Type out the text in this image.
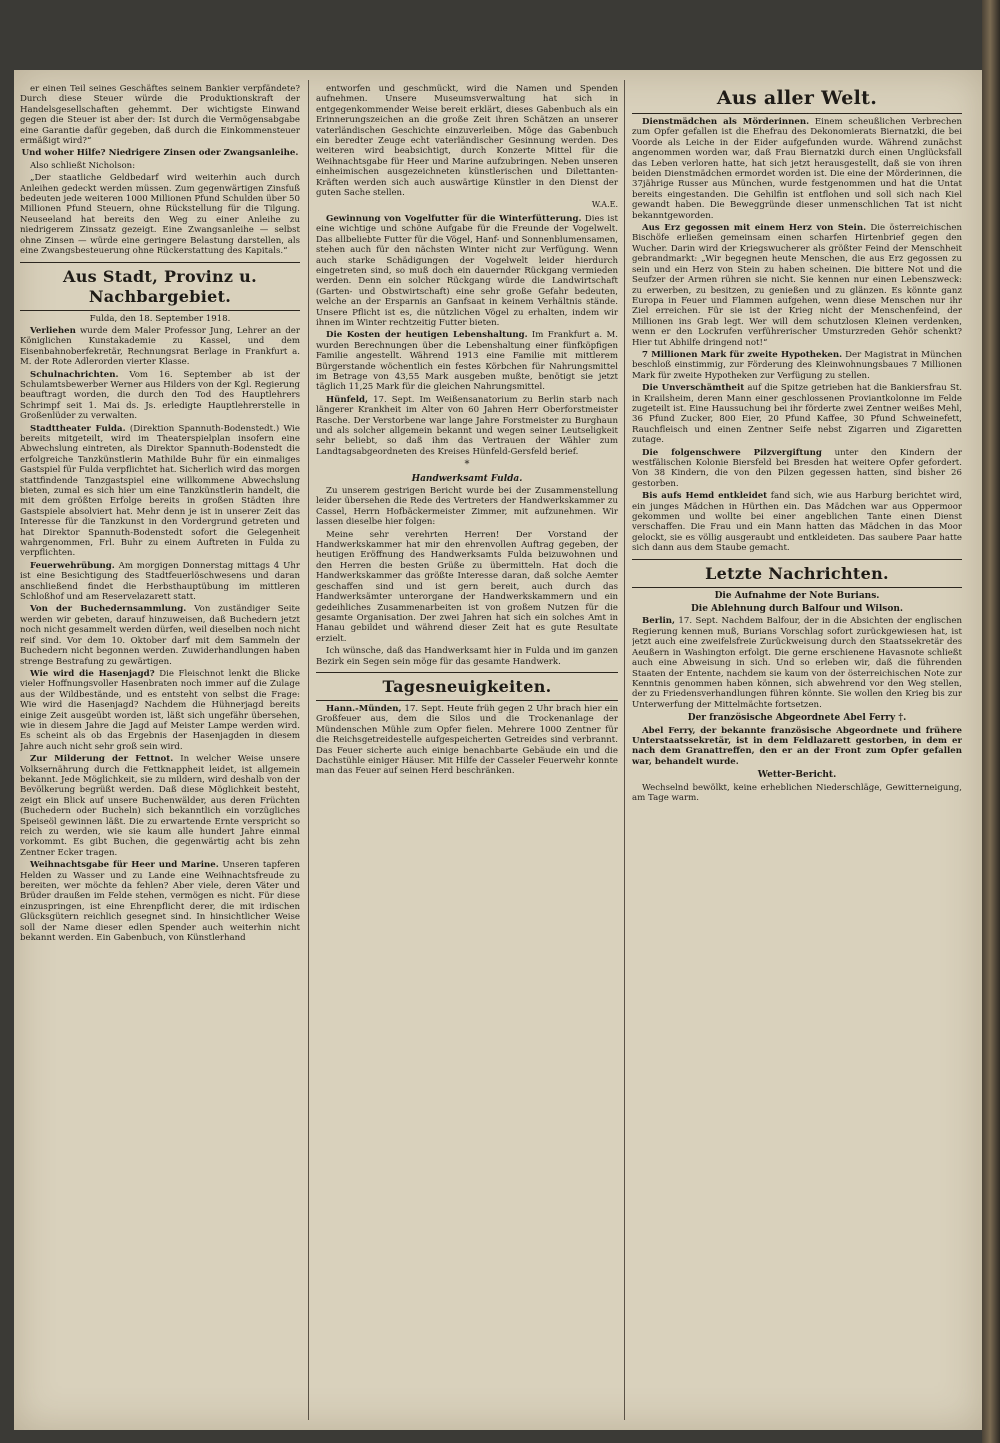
er einen Teil seines Geschäftes seinem Bankier verpfändete? Durch diese Steuer würde die Produktionskraft der Handelsgesellschaften gehemmt. Der wichtigste Einwand gegen die Steuer ist aber der: Ist durch die Vermögensabgabe eine Garantie dafür gegeben, daß durch die Einkommensteuer ermäßigt wird?“

Und woher Hilfe? Niedrigere Zinsen oder Zwangsanleihe.

Also schließt Nicholson:

„Der staatliche Geldbedarf wird weiterhin auch durch Anleihen gedeckt werden müssen. Zum gegenwärtigen Zinsfuß bedeuten jede weiteren 1000 Millionen Pfund Schulden über 50 Millionen Pfund Steuern, ohne Rückstellung für die Tilgung. Neuseeland hat bereits den Weg zu einer Anleihe zu niedrigerem Zinssatz gezeigt. Eine Zwangsanleihe — selbst ohne Zinsen — würde eine geringere Belastung darstellen, als eine Zwangsbesteuerung ohne Rückerstattung des Kapitals.“

Aus Stadt, Provinz u. Nachbargebiet.

Fulda, den 18. September 1918.

Verliehen wurde dem Maler Professor Jung, Lehrer an der Königlichen Kunstakademie zu Kassel, und dem Eisenbahnoberfekretär, Rechnungsrat Berlage in Frankfurt a. M. der Rote Adlerorden vierter Klasse.

Schulnachrichten. Vom 16. September ab ist der Schulamtsbewerber Werner aus Hilders von der Kgl. Regierung beauftragt worden, die durch den Tod des Hauptlehrers Schrimpf seit 1. Mai ds. Js. erledigte Hauptlehrerstelle in Großenlüder zu verwalten.

Stadttheater Fulda. (Direktion Spannuth-Bodenstedt.) Wie bereits mitgeteilt, wird im Theaterspielplan insofern eine Abwechslung eintreten, als Direktor Spannuth-Bodenstedt die erfolgreiche Tanzkünstlerin Mathilde Buhr für ein einmaliges Gastspiel für Fulda verpflichtet hat. Sicherlich wird das morgen stattfindende Tanzgastspiel eine willkommene Abwechslung bieten, zumal es sich hier um eine Tanzkünstlerin handelt, die mit dem größten Erfolge bereits in großen Städten ihre Gastspiele absolviert hat. Mehr denn je ist in unserer Zeit das Interesse für die Tanzkunst in den Vordergrund getreten und hat Direktor Spannuth-Bodenstedt sofort die Gelegenheit wahrgenommen, Frl. Buhr zu einem Auftreten in Fulda zu verpflichten.

Feuerwehrübung. Am morgigen Donnerstag mittags 4 Uhr ist eine Besichtigung des Stadtfeuerlöschwesens und daran anschließend findet die Herbsthauptübung im mittleren Schloßhof und am Reservelazarett statt.

Von der Buchedernsammlung. Von zuständiger Seite werden wir gebeten, darauf hinzuweisen, daß Buchedern jetzt noch nicht gesammelt werden dürfen, weil dieselben noch nicht reif sind. Vor dem 10. Oktober darf mit dem Sammeln der Buchedern nicht begonnen werden. Zuwiderhandlungen haben strenge Bestrafung zu gewärtigen.

Wie wird die Hasenjagd? Die Fleischnot lenkt die Blicke vieler Hoffnungsvoller Hasenbraten noch immer auf die Zulage aus der Wildbestände, und es entsteht von selbst die Frage: Wie wird die Hasenjagd? Nachdem die Hühnerjagd bereits einige Zeit ausgeübt worden ist, läßt sich ungefähr übersehen, wie in diesem Jahre die Jagd auf Meister Lampe werden wird. Es scheint als ob das Ergebnis der Hasenjagden in diesem Jahre auch nicht sehr groß sein wird.

Zur Milderung der Fettnot. In welcher Weise unsere Volksernährung durch die Fettknappheit leidet, ist allgemein bekannt. Jede Möglichkeit, sie zu mildern, wird deshalb von der Bevölkerung begrüßt werden. Daß diese Möglichkeit besteht, zeigt ein Blick auf unsere Buchenwälder, aus deren Früchten (Buchedern oder Bucheln) sich bekanntlich ein vorzügliches Speiseöl gewinnen läßt. Die zu erwartende Ernte verspricht so reich zu werden, wie sie kaum alle hundert Jahre einmal vorkommt. Es gibt Buchen, die gegenwärtig acht bis zehn Zentner Ecker tragen.

Weihnachtsgabe für Heer und Marine. Unseren tapferen Helden zu Wasser und zu Lande eine Weihnachtsfreude zu bereiten, wer möchte da fehlen? Aber viele, deren Väter und Brüder draußen im Felde stehen, vermögen es nicht. Für diese einzuspringen, ist eine Ehrenpflicht derer, die mit irdischen Glücksgütern reichlich gesegnet sind. In hinsichtlicher Weise soll der Name dieser edlen Spender auch weiterhin nicht bekannt werden. Ein Gabenbuch, von Künstlerhand

entworfen und geschmückt, wird die Namen und Spenden aufnehmen. Unsere Museumsverwaltung hat sich in entgegenkommender Weise bereit erklärt, dieses Gabenbuch als ein Erinnerungszeichen an die große Zeit ihren Schätzen an unserer vaterländischen Geschichte einzuverleiben. Möge das Gabenbuch ein beredter Zeuge echt vaterländischer Gesinnung werden. Des weiteren wird beabsichtigt, durch Konzerte Mittel für die Weihnachtsgabe für Heer und Marine aufzubringen. Neben unseren einheimischen ausgezeichneten künstlerischen und Dilettanten-Kräften werden sich auch auswärtige Künstler in den Dienst der guten Sache stellen.

W.A.E.

Gewinnung von Vogelfutter für die Winterfütterung. Dies ist eine wichtige und schöne Aufgabe für die Freunde der Vogelwelt. Das allbeliebte Futter für die Vögel, Hanf- und Sonnenblumensamen, stehen auch für den nächsten Winter nicht zur Verfügung. Wenn auch starke Schädigungen der Vogelwelt leider hierdurch eingetreten sind, so muß doch ein dauernder Rückgang vermieden werden. Denn ein solcher Rückgang würde die Landwirtschaft (Garten- und Obstwirtschaft) eine sehr große Gefahr bedeuten, welche an der Ersparnis an Ganfsaat in keinem Verhältnis stände. Unsere Pflicht ist es, die nützlichen Vögel zu erhalten, indem wir ihnen im Winter rechtzeitig Futter bieten.

Die Kosten der heutigen Lebenshaltung. Im Frankfurt a. M. wurden Berechnungen über die Lebenshaltung einer fünfköpfigen Familie angestellt. Während 1913 eine Familie mit mittlerem Bürgerstande wöchentlich ein festes Körbchen für Nahrungsmittel im Betrage von 43,55 Mark ausgeben mußte, benötigt sie jetzt täglich 11,25 Mark für die gleichen Nahrungsmittel.

Hünfeld, 17. Sept. Im Weißensanatorium zu Berlin starb nach längerer Krankheit im Alter von 60 Jahren Herr Oberforstmeister Rasche. Der Verstorbene war lange Jahre Forstmeister zu Burghaun und als solcher allgemein bekannt und wegen seiner Leutseligkeit sehr beliebt, so daß ihm das Vertrauen der Wähler zum Landtagsabgeordneten des Kreises Hünfeld-Gersfeld berief.

*
Handwerksamt Fulda.

Zu unserem gestrigen Bericht wurde bei der Zusammenstellung leider übersehen die Rede des Vertreters der Handwerkskammer zu Cassel, Herrn Hofbäckermeister Zimmer, mit aufzunehmen. Wir lassen dieselbe hier folgen:

Meine sehr verehrten Herren! Der Vorstand der Handwerkskammer hat mir den ehrenvollen Auftrag gegeben, der heutigen Eröffnung des Handwerksamts Fulda beizuwohnen und den Herren die besten Grüße zu übermitteln. Hat doch die Handwerkskammer das größte Interesse daran, daß solche Aemter geschaffen sind und ist gern bereit, auch durch das Handwerksämter unterorgane der Handwerkskammern und ein gedeihliches Zusammenarbeiten ist von großem Nutzen für die gesamte Organisation. Der zwei Jahren hat sich ein solches Amt in Hanau gebildet und während dieser Zeit hat es gute Resultate erzielt.

Ich wünsche, daß das Handwerksamt hier in Fulda und im ganzen Bezirk ein Segen sein möge für das gesamte Handwerk.

Tagesneuigkeiten.

Hann.-Münden, 17. Sept. Heute früh gegen 2 Uhr brach hier ein Großfeuer aus, dem die Silos und die Trockenanlage der Mündenschen Mühle zum Opfer fielen. Mehrere 1000 Zentner für die Reichsgetreidestelle aufgespeicherten Getreides sind verbrannt. Das Feuer sicherte auch einige benachbarte Gebäude ein und die Dachstühle einiger Häuser. Mit Hilfe der Casseler Feuerwehr konnte man das Feuer auf seinen Herd beschränken.

Aus aller Welt.

Dienstmädchen als Mörderinnen. Einem scheußlichen Verbrechen zum Opfer gefallen ist die Ehefrau des Dekonomierats Biernatzki, die bei Voorde als Leiche in der Eider aufgefunden wurde. Während zunächst angenommen worden war, daß Frau Biernatzki durch einen Unglücksfall das Leben verloren hatte, hat sich jetzt herausgestellt, daß sie von ihren beiden Dienstmädchen ermordet worden ist. Die eine der Mörderinnen, die 37jährige Russer aus München, wurde festgenommen und hat die Untat bereits eingestanden. Die Gehilfin ist entflohen und soll sich nach Kiel gewandt haben. Die Beweggründe dieser unmenschlichen Tat ist nicht bekanntgeworden.

Aus Erz gegossen mit einem Herz von Stein. Die österreichischen Bischöfe erließen gemeinsam einen scharfen Hirtenbrief gegen den Wucher. Darin wird der Kriegswucherer als größter Feind der Menschheit gebrandmarkt: „Wir begegnen heute Menschen, die aus Erz gegossen zu sein und ein Herz von Stein zu haben scheinen. Die bittere Not und die Seufzer der Armen rühren sie nicht. Sie kennen nur einen Lebenszweck: zu erwerben, zu besitzen, zu genießen und zu glänzen. Es könnte ganz Europa in Feuer und Flammen aufgehen, wenn diese Menschen nur ihr Ziel erreichen. Für sie ist der Krieg nicht der Menschenfeind, der Millionen ins Grab legt. Wer will dem schutzlosen Kleinen verdenken, wenn er den Lockrufen verführerischer Umsturzreden Gehör schenkt? Hier tut Abhilfe dringend not!“

7 Millionen Mark für zweite Hypotheken. Der Magistrat in München beschloß einstimmig, zur Förderung des Kleinwohnungsbaues 7 Millionen Mark für zweite Hypotheken zur Verfügung zu stellen.

Die Unverschämtheit auf die Spitze getrieben hat die Bankiersfrau St. in Krailsheim, deren Mann einer geschlossenen Proviantkolonne im Felde zugeteilt ist. Eine Haussuchung bei ihr förderte zwei Zentner weißes Mehl, 36 Pfund Zucker, 800 Eier, 20 Pfund Kaffee, 30 Pfund Schweinefett, Rauchfleisch und einen Zentner Seife nebst Zigarren und Zigaretten zutage.

Die folgenschwere Pilzvergiftung unter den Kindern der westfälischen Kolonie Biersfeld bei Bresden hat weitere Opfer gefordert. Von 38 Kindern, die von den Pilzen gegessen hatten, sind bisher 26 gestorben.

Bis aufs Hemd entkleidet fand sich, wie aus Harburg berichtet wird, ein junges Mädchen in Hürthen ein. Das Mädchen war aus Oppermoor gekommen und wollte bei einer angeblichen Tante einen Dienst verschaffen. Die Frau und ein Mann hatten das Mädchen in das Moor gelockt, sie es völlig ausgeraubt und entkleideten. Das saubere Paar hatte sich dann aus dem Staube gemacht.

Letzte Nachrichten.
Die Aufnahme der Note Burians.
Die Ablehnung durch Balfour und Wilson.

Berlin, 17. Sept. Nachdem Balfour, der in die Absichten der englischen Regierung kennen muß, Burians Vorschlag sofort zurückgewiesen hat, ist jetzt auch eine zweifelsfreie Zurückweisung durch den Staatssekretär des Aeußern in Washington erfolgt. Die gerne erschienene Havasnote schließt auch eine Abweisung in sich. Und so erleben wir, daß die führenden Staaten der Entente, nachdem sie kaum von der österreichischen Note zur Kenntnis genommen haben können, sich abwehrend vor den Weg stellen, der zu Friedensverhandlungen führen könnte. Sie wollen den Krieg bis zur Unterwerfung der Mittelmächte fortsetzen.

Der französische Abgeordnete Abel Ferry †.

Abel Ferry, der bekannte französische Abgeordnete und frühere Unterstaatssekretär, ist in dem Feldlazarett gestorben, in dem er nach dem Granattreffen, den er an der Front zum Opfer gefallen war, behandelt wurde.

Wetter-Bericht.

Wechselnd bewölkt, keine erheblichen Niederschläge, Gewitterneigung, am Tage warm.
